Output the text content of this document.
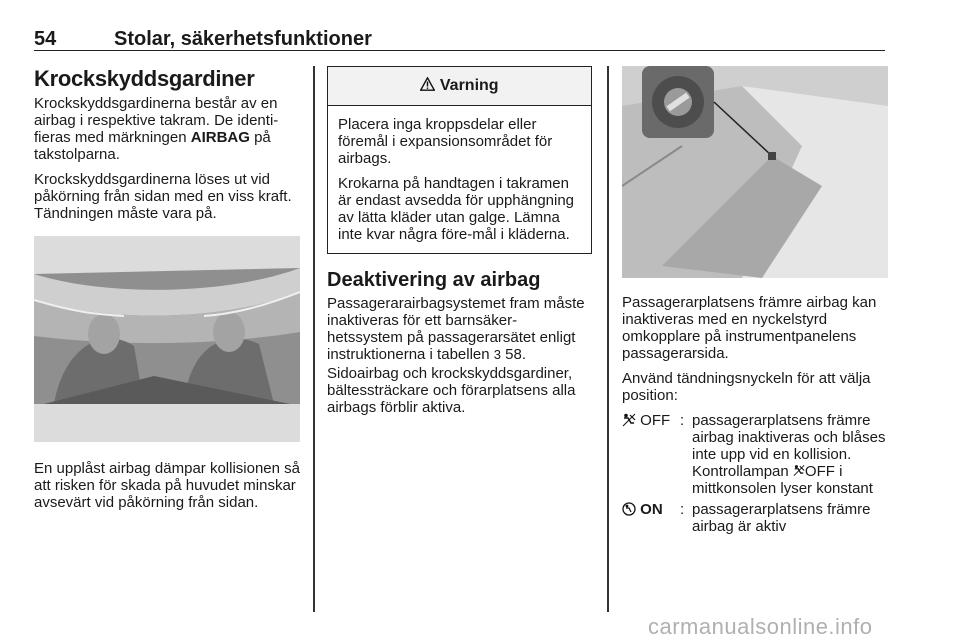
54	Stolar, säkerhetsfunktioner
Krockskyddsgardiner

Krockskyddsgardinerna består av en airbag i respektive takram. De identi-fieras med märkningen AIRBAG på takstolparna.

Krockskyddsgardinerna löses ut vid påkörning från sidan med en viss kraft. Tändningen måste vara på.

En upplåst airbag dämpar kollisionen så att risken för skada på huvudet minskar avsevärt vid påkörning från sidan.

Varning

Placera inga kroppsdelar eller föremål i expansionsområdet för airbags.

Krokarna på handtagen i takramen är endast avsedda för upphängning av lätta kläder utan galge. Lämna inte kvar några före-mål i kläderna.

Deaktivering av airbag

Passagerarairbagsystemet fram måste inaktiveras för ett barnsäker-hetssystem på passagerarsätet enligt instruktionerna i tabellen 3 58.

Sidoairbag och krockskyddsgardiner, bältessträckare och förarplatsens alla airbags förblir aktiva.

Passagerarplatsens främre airbag kan inaktiveras med en nyckelstyrd omkopplare på instrumentpanelens passagerarsida.

Använd tändningsnyckeln för att välja position:

OFF : passagerarplatsens främre airbag inaktiveras och blåses inte upp vid en kollision. Kontrollampan OFF i mittkonsolen lyser konstant
ON	: passagerarplatsens främre airbag är aktiv
carmanualsonline.info
